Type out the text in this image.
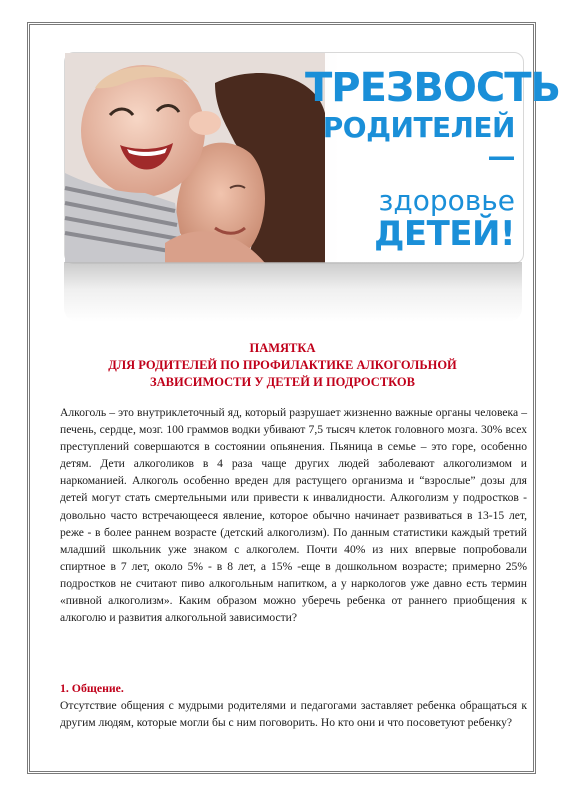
ТРЕЗВОСТЬ
РОДИТЕЛЕЙ —
здоровье
ДЕТЕЙ!
ПАМЯТКА
ДЛЯ РОДИТЕЛЕЙ ПО ПРОФИЛАКТИКЕ АЛКОГОЛЬНОЙ
ЗАВИСИМОСТИ У ДЕТЕЙ И ПОДРОСТКОВ
Алкоголь – это внутриклеточный яд, который разрушает жизненно важные органы человека – печень, сердце, мозг. 100 граммов водки убивают 7,5 тысяч клеток головного мозга. 30% всех преступлений совершаются в состоянии опьянения. Пьяница в семье – это горе, особенно детям. Дети алкоголиков в 4 раза чаще других людей заболевают алкоголизмом и наркоманией. Алкоголь особенно вреден для растущего организма и “взрослые” дозы для детей могут стать смертельными или привести к инвалидности. Алкоголизм у подростков - довольно часто встречающееся явление, которое обычно начинает развиваться в 13-15 лет, реже - в более раннем возрасте (детский алкоголизм). По данным статистики каждый третий младший школьник уже знаком с алкоголем. Почти 40% из них впервые попробовали спиртное в 7 лет, около 5% - в 8 лет, а 15% -еще в дошкольном возрасте; примерно 25% подростков не считают пиво алкогольным напитком, а у наркологов уже давно есть термин «пивной алкоголизм». Каким образом можно уберечь ребенка от раннего приобщения к алкоголю и развития алкогольной зависимости?
1. Общение.
Отсутствие общения с мудрыми родителями и педагогами заставляет ребенка обращаться к другим людям, которые могли бы с ним поговорить. Но кто они и что посоветуют ребенку?
